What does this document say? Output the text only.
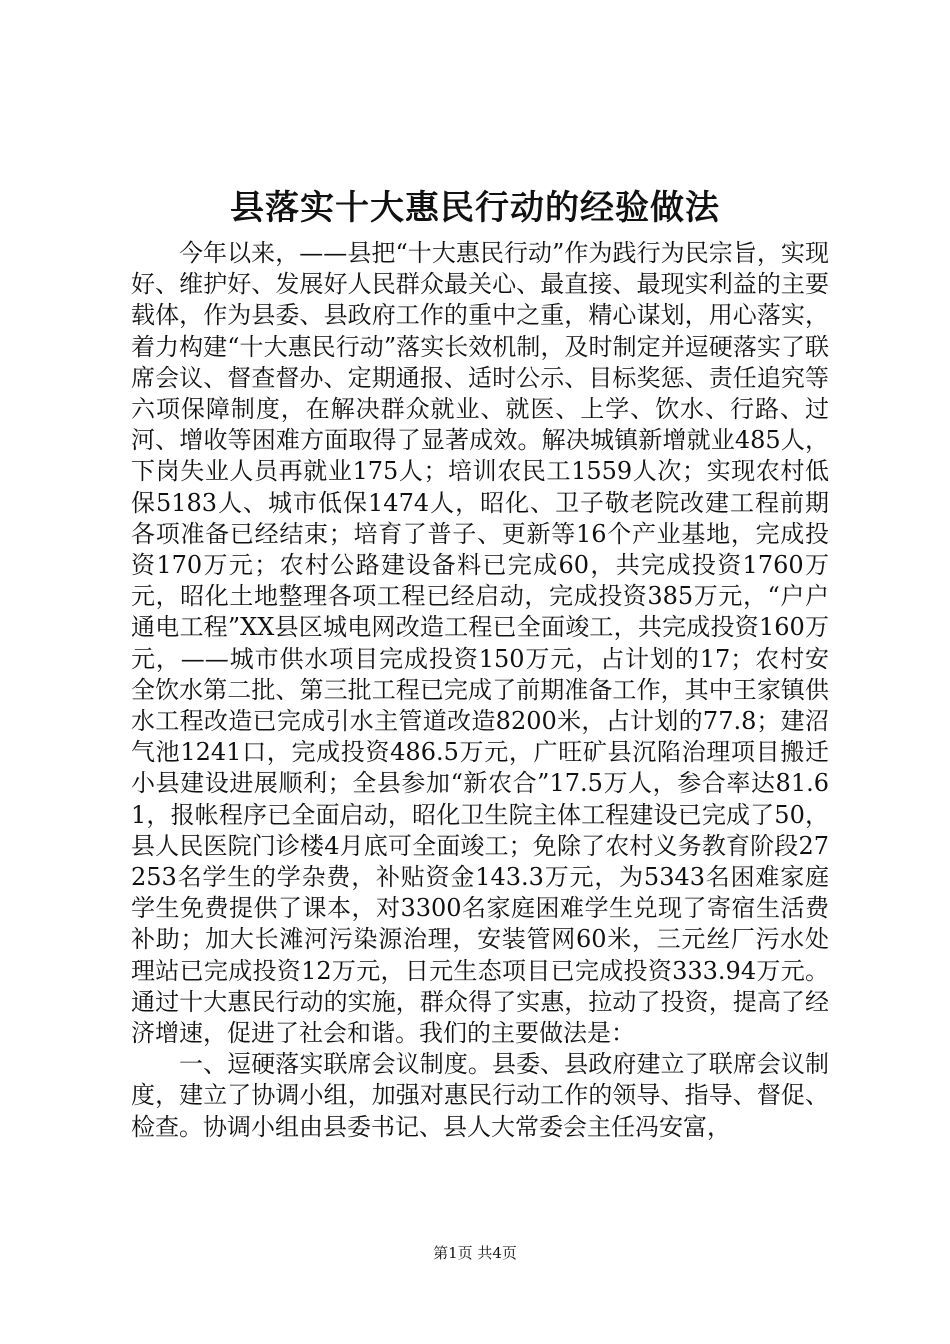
县落实十大惠民行动的经验做法

今年以来，——县把“十大惠民行动”作为践行为民宗旨，实现好、维护好、发展好人民群众最关心、最直接、最现实利益的主要载体，作为县委、县政府工作的重中之重，精心谋划，用心落实，着力构建“十大惠民行动”落实长效机制，及时制定并逗硬落实了联席会议、督查督办、定期通报、适时公示、目标奖惩、责任追究等六项保障制度，在解决群众就业、就医、上学、饮水、行路、过河、增收等困难方面取得了显著成效。解决城镇新增就业485人，下岗失业人员再就业175人；培训农民工1559人次；实现农村低保5183人、城市低保1474人，昭化、卫子敬老院改建工程前期各项准备已经结束；培育了普子、更新等16个产业基地，完成投资170万元；农村公路建设备料已完成60，共完成投资1760万元，昭化土地整理各项工程已经启动，完成投资385万元，“户户通电工程”XX县区城电网改造工程已全面竣工，共完成投资160万元，——城市供水项目完成投资150万元，占计划的17；农村安全饮水第二批、第三批工程已完成了前期准备工作，其中王家镇供水工程改造已完成引水主管道改造8200米，占计划的77.8；建沼气池1241口，完成投资486.5万元，广旺矿县沉陷治理项目搬迁小县建设进展顺利；全县参加“新农合”17.5万人，参合率达81.61，报帐程序已全面启动，昭化卫生院主体工程建设已完成了50，县人民医院门诊楼4月底可全面竣工；免除了农村义务教育阶段27253名学生的学杂费，补贴资金143.3万元，为5343名困难家庭学生免费提供了课本，对3300名家庭困难学生兑现了寄宿生活费补助；加大长滩河污染源治理，安装管网60米，三元丝厂污水处理站已完成投资12万元，日元生态项目已完成投资333.94万元。通过十大惠民行动的实施，群众得了实惠，拉动了投资，提高了经济增速，促进了社会和谐。我们的主要做法是：

一、逗硬落实联席会议制度。县委、县政府建立了联席会议制度，建立了协调小组，加强对惠民行动工作的领导、指导、督促、检查。协调小组由县委书记、县人大常委会主任冯安富，

第1页 共4页
